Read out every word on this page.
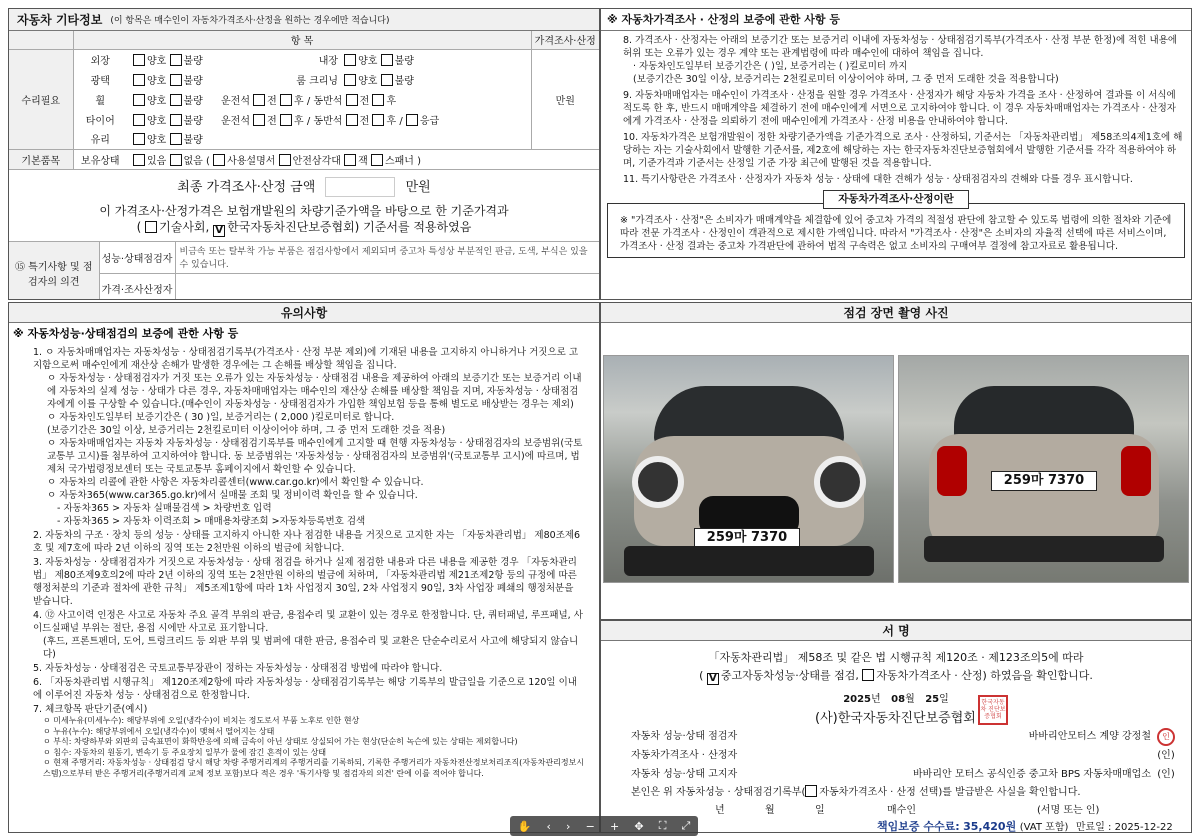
자동차 기타정보 (이 항목은 매수인이 자동차가격조사·산정을 원하는 경우에만 적습니다)
	항 목				가격조사·산정
수리필요	외장	양호 불량	내장	양호 불량	만원
	광택	양호 불량	룸 크리닝	양호 불량	
	휠	양호 불량	운전석 전 후 / 동반석 전 후		
	타이어	양호 불량	운전석 전 후 / 동반석 전 후 / 응급		
	유리	양호 불량			
기본품목	보유상태	있음 없음 ( 사용설명서 안전삼각대 잭 스패너 )			
최종 가격조사·산정 금액	만원
이 가격조사·산정가격은 보험개발원의 차량기준가액을 바탕으로 한 기준가격과
( 기술사회, V 한국자동차진단보증협회) 기준서를 적용하였음
⑮ 특기사항 및 점검자의 의견	성능·상태점검자	비금속 또는 탈부착 가능 부품은 점검사항에서 제외되며 중고차 특성상 부분적인 판금, 도색, 부식은 있을 수 있습니다.
	가격·조사산정자	
※ 자동차가격조사 · 산정의 보증에 관한 사항 등

8. 가격조사 · 산정자는 아래의 보증기간 또는 보증거리 이내에 자동차성능 · 상태점검기록부(가격조사 · 산정 부분 한정)에 적힌 내용에 허위 또는 오류가 있는 경우 계약 또는 관계법령에 따라 매수인에 대하여 책임을 집니다.

· 자동차인도일부터 보증기간은 ( )일, 보증거리는 ( )킬로미터 까지

(보증기간은 30일 이상, 보증거리는 2천킬로미터 이상이어야 하며, 그 중 먼저 도래한 것을 적용합니다)

9. 자동차매매업자는 매수인이 가격조사 · 산정을 원할 경우 가격조사 · 산정자가 해당 자동차 가격을 조사 · 산정하여 결과를 이 서식에 적도록 한 후, 반드시 매매계약을 체결하기 전에 매수인에게 서면으로 고지하여야 합니다. 이 경우 자동차매매업자는 가격조사 · 산정자에게 가격조사 · 산정을 의뢰하기 전에 매수인에게 가격조사 · 산정 비용을 안내하여야 합니다.

10. 자동차가격은 보험개발원이 정한 차량기준가액을 기준가격으로 조사 · 산정하되, 기준서는 「자동차관리법」 제58조의4제1호에 해당하는 자는 기술사회에서 발행한 기준서를, 제2호에 해당하는 자는 한국자동차진단보증협회에서 발행한 기준서를 각각 적용하여야 하며, 기준가격과 기준서는 산정일 기준 가장 최근에 발행된 것을 적용합니다.

11. 특기사항란은 가격조사 · 산정자가 자동차 성능 · 상태에 대한 견해가 성능 · 상태점검자의 견해와 다를 경우 표시합니다.

자동차가격조사·산정이란
※ "가격조사 · 산정"은 소비자가 매매계약을 체결함에 있어 중고차 가격의 적절성 판단에 참고할 수 있도록 법령에 의한 절차와 기준에 따라 전문 가격조사 · 산정인이 객관적으로 제시한 가액입니다. 따라서 "가격조사 · 산정"은 소비자의 자율적 선택에 따른 서비스이며, 가격조사 · 산정 결과는 중고차 가격판단에 관하여 법적 구속력은 없고 소비자의 구매여부 결정에 참고자료로 활용됩니다.
유의사항
※ 자동차성능·상태점검의 보증에 관한 사항 등

1. ㅇ 자동차매매업자는 자동차성능 · 상태점검기록부(가격조사 · 산정 부분 제외)에 기재된 내용을 고지하지 아니하거나 거짓으로 고지함으로써 매수인에게 재산상 손해가 발생한 경우에는 그 손해를 배상할 책임을 집니다.

ㅇ 자동차성능 · 상태점검자가 거짓 또는 오류가 있는 자동차성능 · 상태점검 내용을 제공하여 아래의 보증기간 또는 보증거리 이내에 자동차의 실제 성능 · 상태가 다른 경우, 자동차매매업자는 매수인의 재산상 손해를 배상할 책임을 지며, 자동차성능 · 상태점검자에게 이를 구상할 수 있습니다.(매수인이 자동차성능 · 상태점검자가 가입한 책임보험 등을 통해 별도로 배상받는 경우는 제외)

ㅇ 자동차인도일부터 보증기간은 ( 30 )일, 보증거리는 ( 2,000 )킬로미터로 합니다.

(보증기간은 30일 이상, 보증거리는 2천킬로미터 이상이어야 하며, 그 중 먼저 도래한 것을 적용)

ㅇ 자동차매매업자는 자동차 자동차성능 · 상태점검기록부를 매수인에게 고지할 때 현행 자동차성능 · 상태점검자의 보증범위(국토교통부 고시)를 첨부하여 고지하여야 합니다. 동 보증범위는 '자동차성능 · 상태점검자의 보증범위'(국토교통부 고시)에 따르며, 법제처 국가법령정보센터 또는 국토교통부 홈페이지에서 확인할 수 있습니다.

ㅇ 자동차의 리콜에 관한 사항은 자동차리콜센터(www.car.go.kr)에서 확인할 수 있습니다.

ㅇ 자동차365(www.car365.go.kr)에서 실매물 조회 및 정비이력 확인을 할 수 있습니다.

- 자동차365 > 자동차 실매물검색 > 차량번호 입력

- 자동차365 > 자동차 이력조회 > 매매용차량조회 >자동차등록번호 검색

2. 자동차의 구조 · 장치 등의 성능 · 상태를 고지하지 아니한 자나 점검한 내용을 거짓으로 고지한 자는 「자동차관리법」 제80조제6호 및 제7호에 따라 2년 이하의 징역 또는 2천만원 이하의 벌금에 처합니다.

3. 자동차성능 · 상태점검자가 거짓으로 자동차성능 · 상태 점검을 하거나 실제 점검한 내용과 다른 내용을 제공한 경우 「자동차관리법」 제80조제9호의2에 따라 2년 이하의 징역 또는 2천만원 이하의 벌금에 처하며, 「자동차관리법 제21조제2항 등의 규정에 따른 행정처분의 기준과 절차에 관한 규칙」 제5조제1항에 따라 1차 사업정지 30일, 2차 사업정지 90일, 3차 사업장 폐쇄의 행정처분을 받습니다.

4. ⑫ 사고이력 인정은 사고로 자동차 주요 골격 부위의 판금, 용접수리 및 교환이 있는 경우로 한정합니다. 단, 쿼터패널, 루프패널, 사이드실패널 부위는 절단, 용접 시에만 사고로 표기합니다.

(후드, 프론트펜더, 도어, 트렁크리드 등 외판 부위 및 범퍼에 대한 판금, 용접수리 및 교환은 단순수리로서 사고에 해당되지 않습니다)

5. 자동차성능 · 상태점검은 국토교통부장관이 정하는 자동차성능 · 상태점검 방법에 따라야 합니다.

6. 「자동차관리법 시행규칙」 제120조제2항에 따라 자동차성능 · 상태점검기록부는 해당 기록부의 발급일을 기준으로 120일 이내에 이루어진 자동차 성능 · 상태점검으로 한정합니다.

7. 체크항목 판단기준(예시)

ㅇ 미세누유(미세누수): 해당부위에 오일(냉각수)이 비치는 정도로서 부품 노후로 인한 현상

ㅇ 누유(누수): 해당부위에서 오일(냉각수)이 맺혀서 떨어지는 상태

ㅇ 부식: 차량하부와 외판의 금속표면이 화학반응에 의해 금속이 아닌 상태로 상실되어 가는 현상(단순히 녹슨에 있는 상태는 제외합니다)

ㅇ 침수: 자동차의 원동기, 변속기 등 주요장치 일부가 물에 잠긴 흔적이 있는 상태

ㅇ 현재 주행거리: 자동차성능 · 상태점검 당시 해당 차량 주행거리계의 주행거리를 기록하되, 기록한 주행거리가 자동차전산정보처리조직(자동차관리정보시스템)으로부터 받은 주행거리(주행거리계 교체 정보 포함)보다 적은 경우 '특기사항 및 점검자의 의견' 란에 이를 적어야 합니다.

점검 장면 촬영 사진
259마 7370
259마 7370
서 명
「자동차관리법」 제58조 및 같은 법 시행규칙 제120조 · 제123조의5에 따라
( V 중고자동차성능·상태를 점검, 자동차가격조사 · 산정) 하였음을 확인합니다.
2025년 08월 25일
(사)한국자동차진단보증협회
한국자동차 진단보증협회
자동차 성능·상태 점검자	바바리안모터스 계양 강정철	인
자동차가격조사 · 산정자		(인)
자동차 성능·상태 고지자	바바리안 모터스 공식인증 중고차 BPS 자동차매매업소	(인)
본인은 위 자동차성능 · 상태점검기록부( 자동차가격조사 · 산정 선택)를 발급받은 사실을 확인합니다.
년	월	일	매수인	(서명 또는 인)
책임보증 수수료: 35,420원 (VAT 포함) 만료일 : 2025-12-22
✋ ‹ › − + ✥ ⛶ ⤢
